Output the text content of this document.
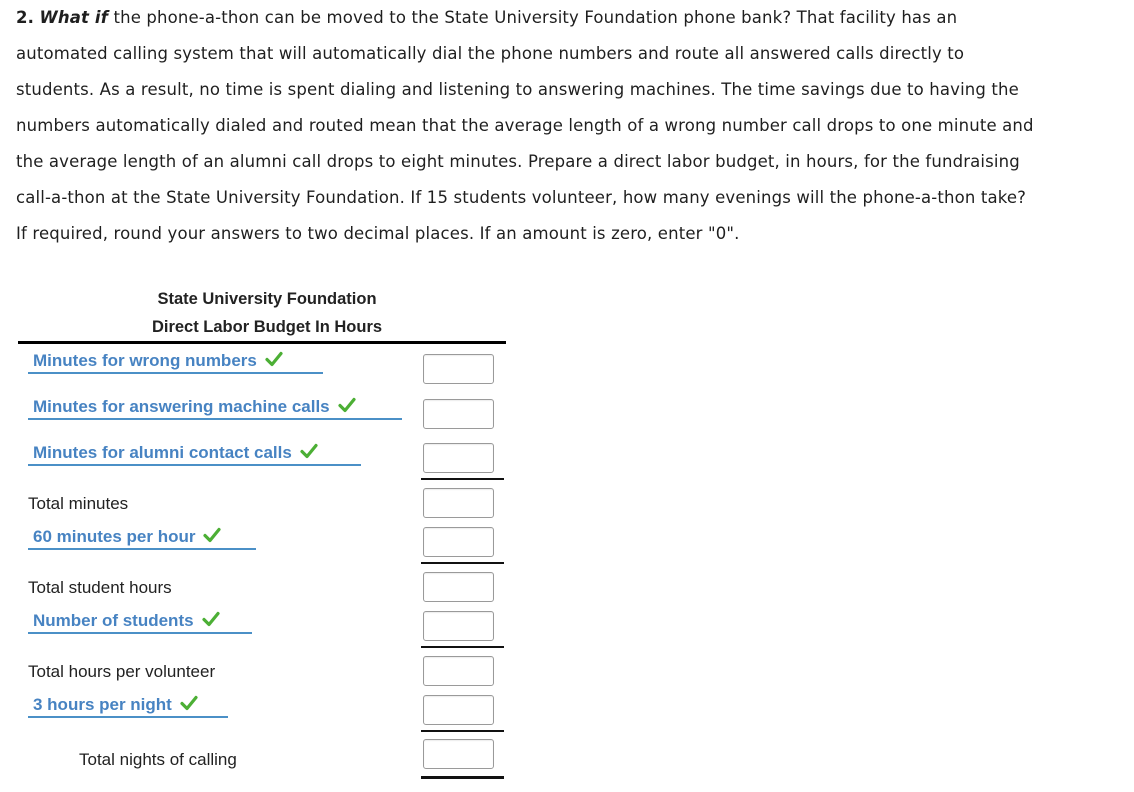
2. What if the phone-a-thon can be moved to the State University Foundation phone bank? That facility has an
automated calling system that will automatically dial the phone numbers and route all answered calls directly to
students. As a result, no time is spent dialing and listening to answering machines. The time savings due to having the
numbers automatically dialed and routed mean that the average length of a wrong number call drops to one minute and
the average length of an alumni call drops to eight minutes. Prepare a direct labor budget, in hours, for the fundraising
call-a-thon at the State University Foundation. If 15 students volunteer, how many evenings will the phone-a-thon take?
If required, round your answers to two decimal places. If an amount is zero, enter "0".
State University Foundation
Direct Labor Budget In Hours
Minutes for wrong numbers
Minutes for answering machine calls
Minutes for alumni contact calls
Total minutes
60 minutes per hour
Total student hours
Number of students
Total hours per volunteer
3 hours per night
Total nights of calling
